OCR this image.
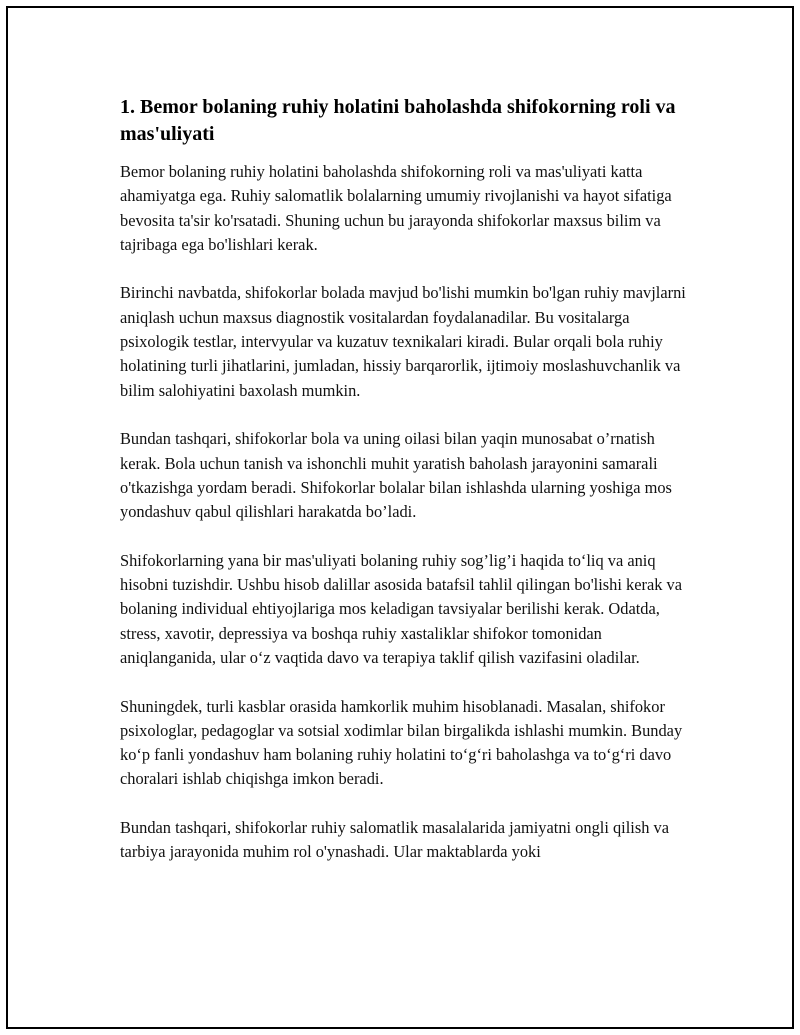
1. Bemor bolaning ruhiy holatini baholashda shifokorning roli va mas'uliyati

Bemor bolaning ruhiy holatini baholashda shifokorning roli va mas'uliyati katta ahamiyatga ega. Ruhiy salomatlik bolalarning umumiy rivojlanishi va hayot sifatiga bevosita ta'sir ko'rsatadi. Shuning uchun bu jarayonda shifokorlar maxsus bilim va tajribaga ega bo'lishlari kerak.

Birinchi navbatda, shifokorlar bolada mavjud bo'lishi mumkin bo'lgan ruhiy mavjlarni aniqlash uchun maxsus diagnostik vositalardan foydalanadilar. Bu vositalarga psixologik testlar, intervyular va kuzatuv texnikalari kiradi. Bular orqali bola ruhiy holatining turli jihatlarini, jumladan, hissiy barqarorlik, ijtimoiy moslashuvchanlik va bilim salohiyatini baxolash mumkin.

Bundan tashqari, shifokorlar bola va uning oilasi bilan yaqin munosabat o’rnatish kerak. Bola uchun tanish va ishonchli muhit yaratish baholash jarayonini samarali o'tkazishga yordam beradi. Shifokorlar bolalar bilan ishlashda ularning yoshiga mos yondashuv qabul qilishlari harakatda bo’ladi.

Shifokorlarning yana bir mas'uliyati bolaning ruhiy sog’lig’i haqida to‘liq va aniq hisobni tuzishdir. Ushbu hisob dalillar asosida batafsil tahlil qilingan bo'lishi kerak va bolaning individual ehtiyojlariga mos keladigan tavsiyalar berilishi kerak. Odatda, stress, xavotir, depressiya va boshqa ruhiy xastaliklar shifokor tomonidan aniqlanganida, ular o‘z vaqtida davo va terapiya taklif qilish vazifasini oladilar.

Shuningdek, turli kasblar orasida hamkorlik muhim hisoblanadi. Masalan, shifokor psixologlar, pedagoglar va sotsial xodimlar bilan birgalikda ishlashi mumkin. Bunday ko‘p fanli yondashuv ham bolaning ruhiy holatini to‘g‘ri baholashga va to‘g‘ri davo choralari ishlab chiqishga imkon beradi.

Bundan tashqari, shifokorlar ruhiy salomatlik masalalarida jamiyatni ongli qilish va tarbiya jarayonida muhim rol o'ynashadi. Ular maktablarda yoki
